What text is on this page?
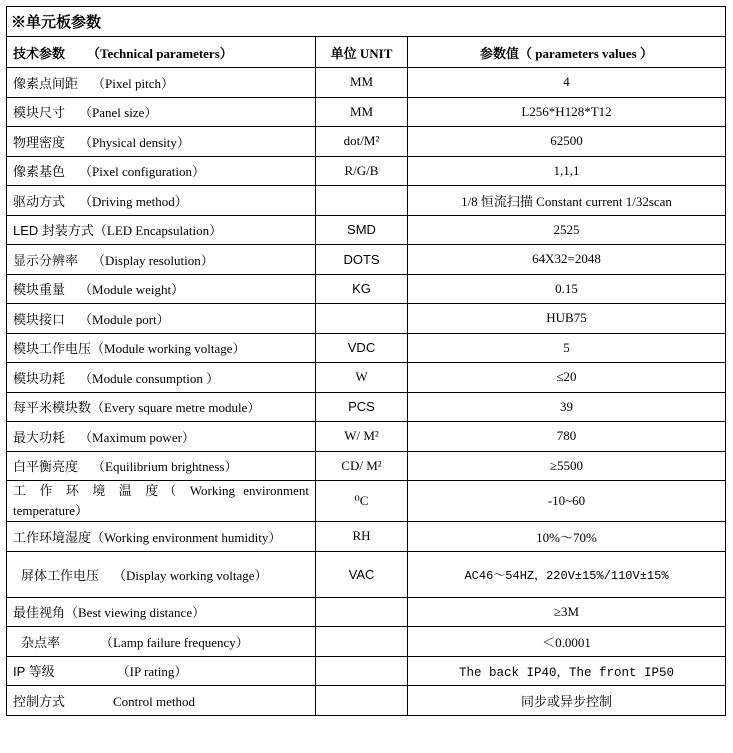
※单元板参数		
技术参数 （Technical parameters）	单位 UNIT	参数值（ parameters values ）
像素点间距 （Pixel pitch）	MM	4
模块尺寸 （Panel size）	MM	L256*H128*T12
物理密度 （Physical density）	dot/M²	62500
像素基色 （Pixel configuration）	R/G/B	1,1,1
驱动方式 （Driving method）		1/8 恒流扫描 Constant current 1/32scan
LED 封装方式（LED Encapsulation）	SMD	2525
显示分辨率 （Display resolution）	DOTS	64X32=2048
模块重量 （Module weight）	KG	0.15
模块接口 （Module port）		HUB75
模块工作电压（Module working voltage）	VDC	5
模块功耗 （Module consumption ）	W	≤20
每平米模块数（Every square metre module）	PCS	39
最大功耗 （Maximum power）	W/ M²	780
白平衡亮度 （Equilibrium brightness）	CD/ M²	≥5500
工 作 环 境 温 度（ Working environment temperature）	⁰C	-10~60
工作环境湿度（Working environment humidity）	RH	10%～70%
屏体工作电压 （Display working voltage）	VAC	AC46～54HZ，220V±15%/110V±15%
最佳视角（Best viewing distance）		≥3M
杂点率 （Lamp failure frequency）		＜0.0001
IP 等级 （IP rating）		The back IP40，The front IP50
控制方式 Control method		同步或异步控制
